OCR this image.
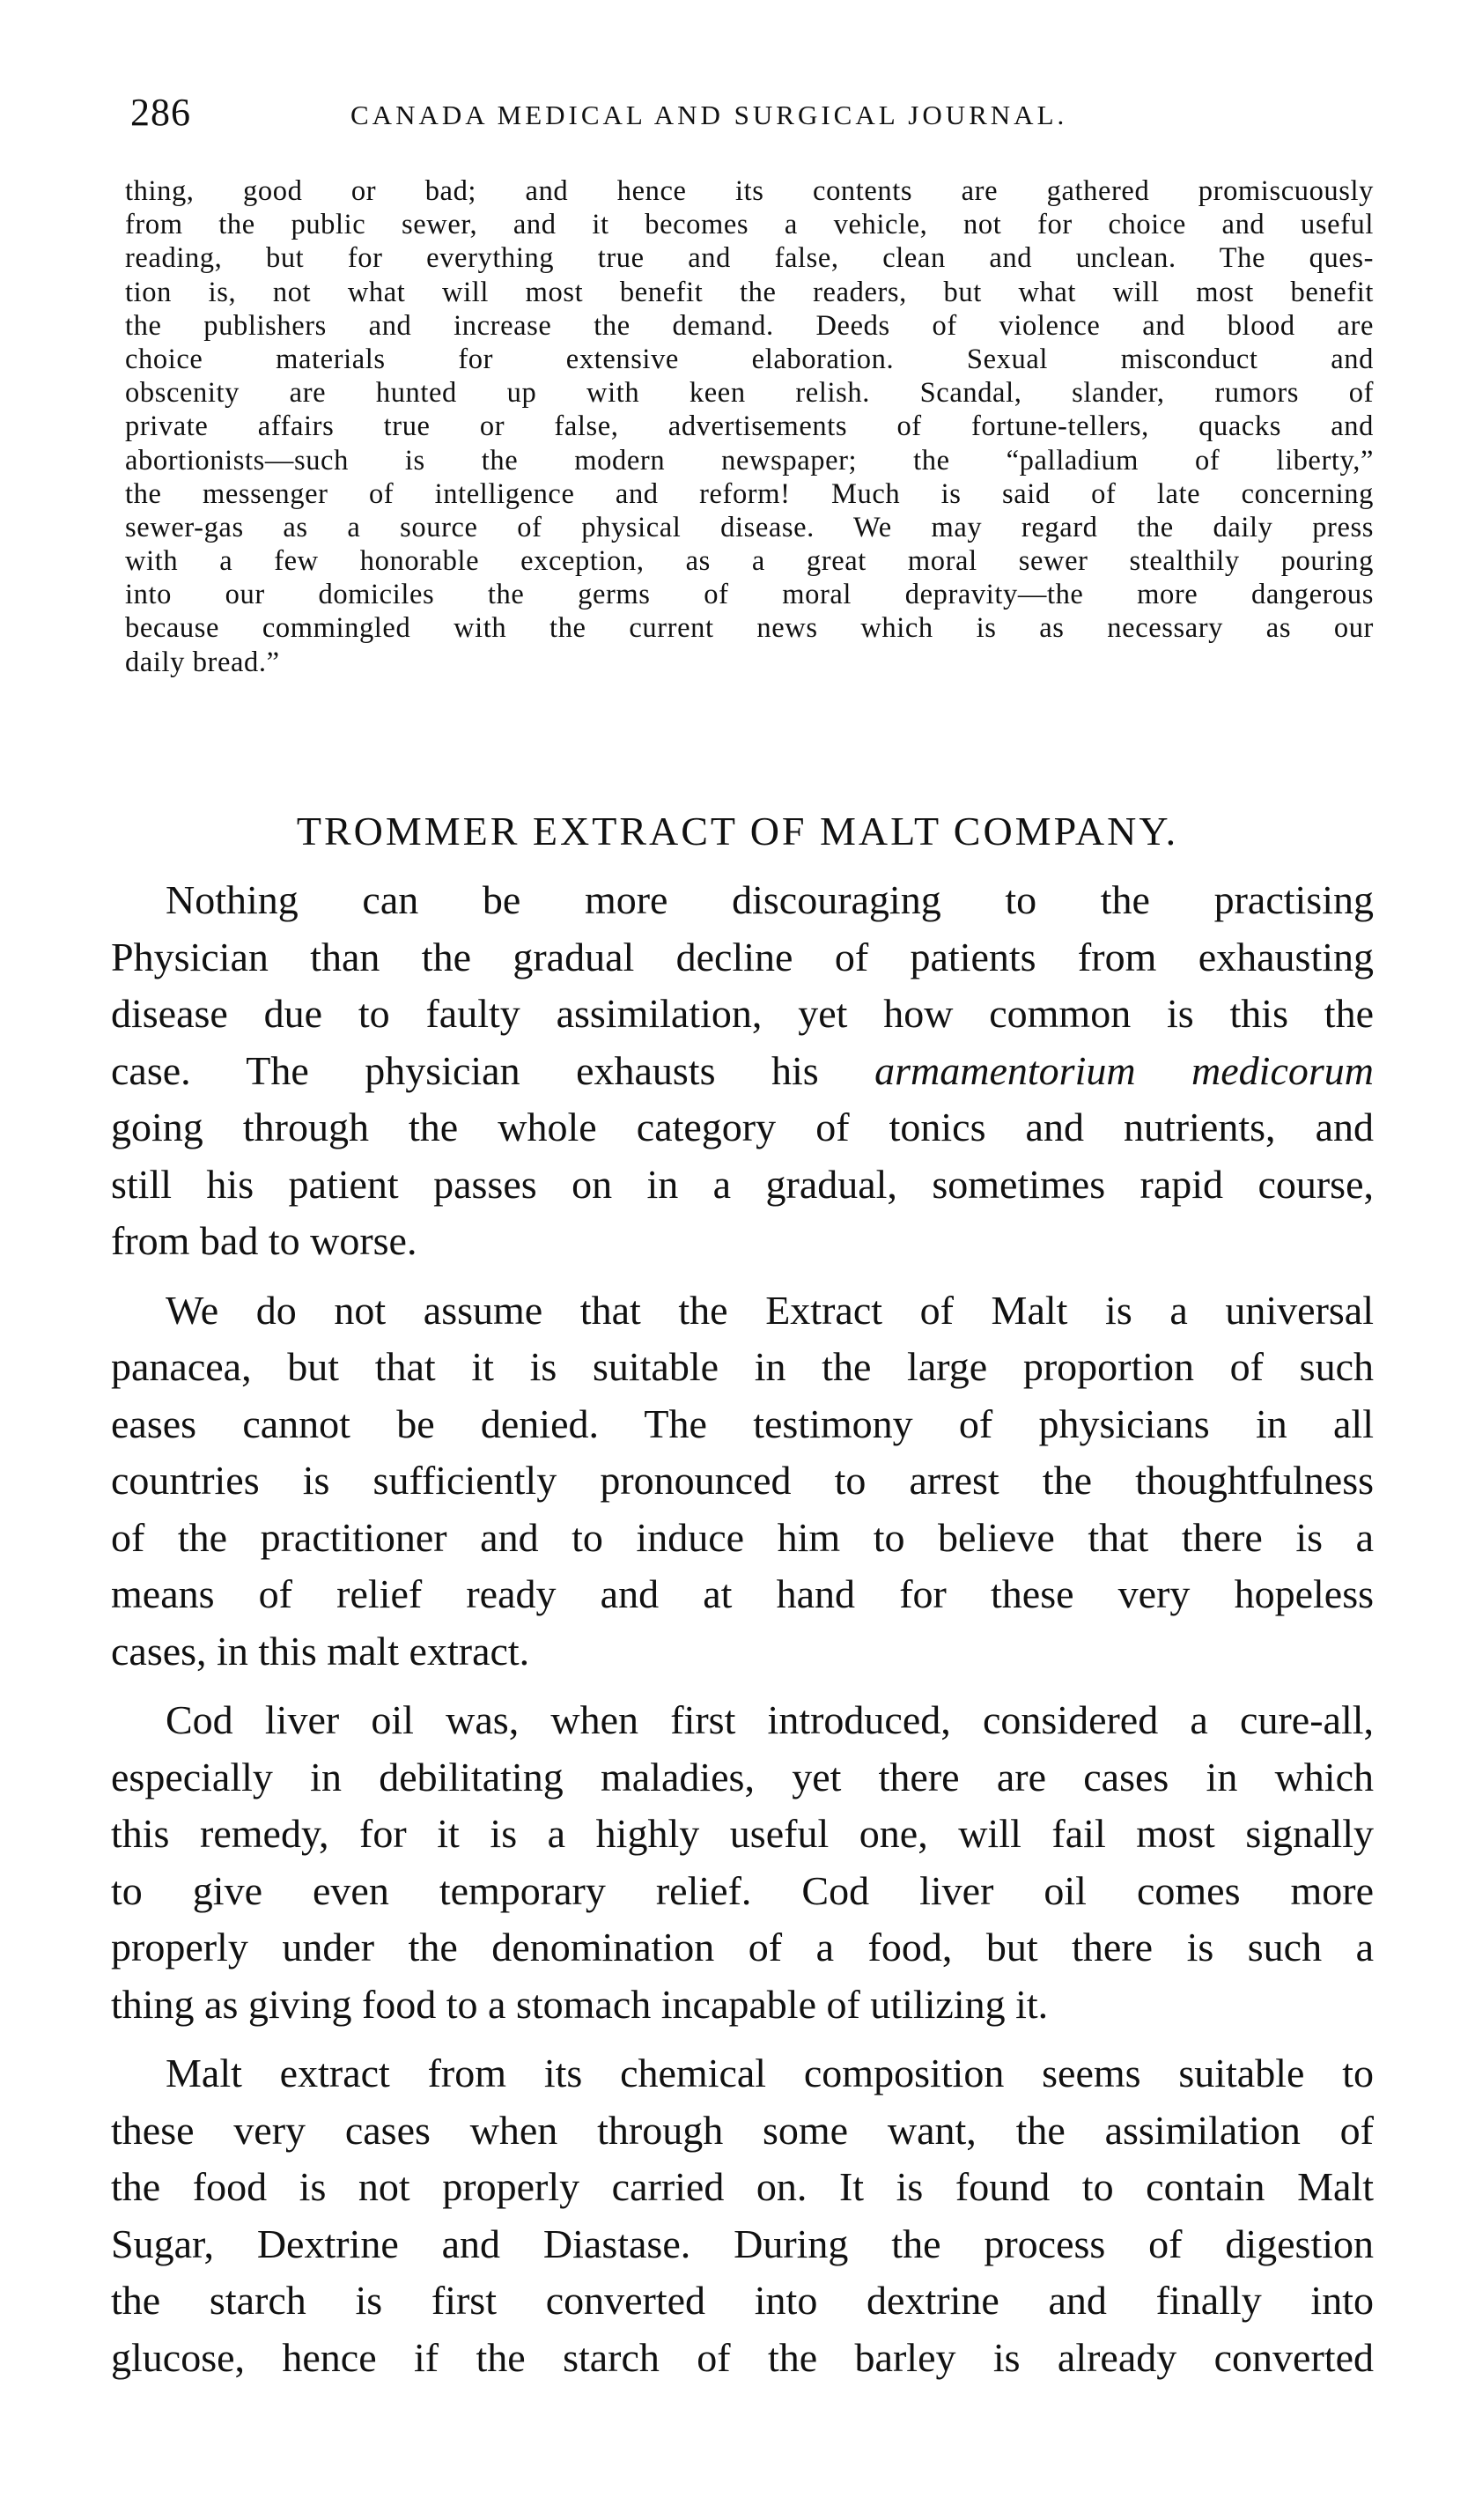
286	CANADA MEDICAL AND SURGICAL JOURNAL.
thing, good or bad; and hence its contents are gathered promiscuously
from the public sewer, and it becomes a vehicle, not for choice and useful
reading, but for everything true and false, clean and unclean. The ques-
tion is, not what will most benefit the readers, but what will most benefit
the publishers and increase the demand. Deeds of violence and blood are
choice materials for extensive elaboration. Sexual misconduct and
obscenity are hunted up with keen relish. Scandal, slander, rumors of
private affairs true or false, advertisements of fortune-tellers, quacks and
abortionists—such is the modern newspaper; the “palladium of liberty,”
the messenger of intelligence and reform! Much is said of late concerning
sewer-gas as a source of physical disease. We may regard the daily press
with a few honorable exception, as a great moral sewer stealthily pouring
into our domiciles the germs of moral depravity—the more dangerous
because commingled with the current news which is as necessary as our
daily bread.”
TROMMER EXTRACT OF MALT COMPANY.
Nothing can be more discouraging to the practising
Physician than the gradual decline of patients from exhausting
disease due to faulty assimilation, yet how common is this the
case. The physician exhausts his armamentorium medicorum
going through the whole category of tonics and nutrients, and
still his patient passes on in a gradual, sometimes rapid course,
from bad to worse.
We do not assume that the Extract of Malt is a universal
panacea, but that it is suitable in the large proportion of such
eases cannot be denied. The testimony of physicians in all
countries is sufficiently pronounced to arrest the thoughtfulness
of the practitioner and to induce him to believe that there is a
means of relief ready and at hand for these very hopeless
cases, in this malt extract.
Cod liver oil was, when first introduced, considered a cure-all,
especially in debilitating maladies, yet there are cases in which
this remedy, for it is a highly useful one, will fail most signally
to give even temporary relief. Cod liver oil comes more
properly under the denomination of a food, but there is such a
thing as giving food to a stomach incapable of utilizing it.
Malt extract from its chemical composition seems suitable to
these very cases when through some want, the assimilation of
the food is not properly carried on. It is found to contain Malt
Sugar, Dextrine and Diastase. During the process of digestion
the starch is first converted into dextrine and finally into
glucose, hence if the starch of the barley is already converted
